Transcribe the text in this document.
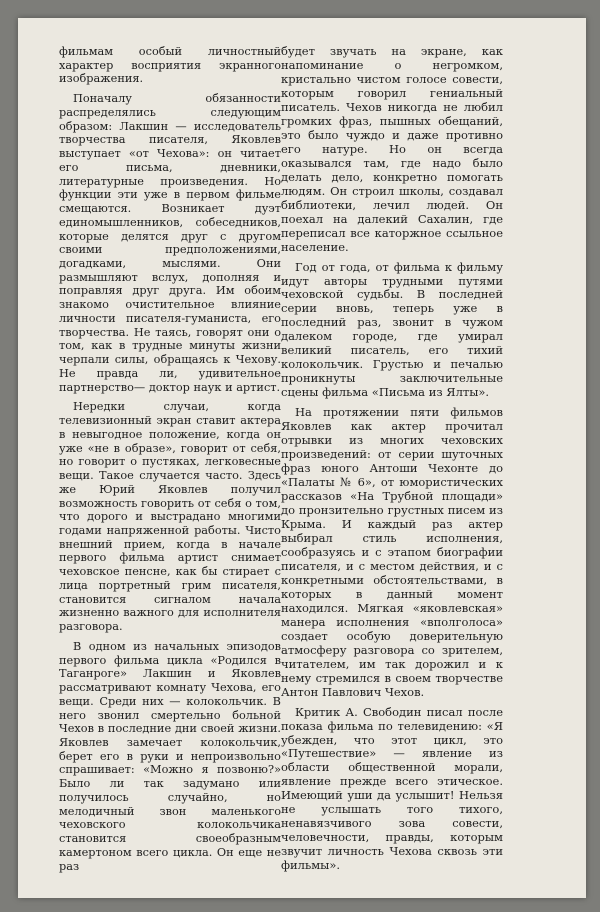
фильмам особый личностный характер восприятия экранного изображения.

Поначалу обязанности распределялись следующим образом: Лакшин — исследователь творчества писателя, Яковлев выступает «от Чехова»: он читает его письма, дневники, литературные произведения. Но функции эти уже в первом фильме смещаются. Возникает дуэт единомышленников, собеседников, которые делятся друг с другом своими предположениями, догадками, мыслями. Они размышляют вслух, дополняя и поправляя друг друга. Им обоим знакомо очистительное влияние личности писателя-гуманиста, его творчества. Не таясь, говорят они о том, как в трудные минуты жизни черпали силы, обращаясь к Чехову. Не правда ли, удивительное партнерство— доктор наук и артист.

Нередки случаи, когда телевизионный экран ставит актера в невыгодное положение, когда он уже «не в образе», говорит от себя, но говорит о пустяках, легковесные вещи. Такое случается часто. Здесь же Юрий Яковлев получил возможность говорить от себя о том, что дорого и выстрадано многими годами напряженной работы. Чисто внешний прием, когда в начале первого фильма артист снимает чеховское пенсне, как бы стирает с лица портретный грим писателя, становится сигналом начала жизненно важного для исполнителя разговора.

В одном из начальных эпизодов первого фильма цикла «Родился в Таганроге» Лакшин и Яковлев рассматривают комнату Чехова, его вещи. Среди них — колокольчик. В него звонил смертельно больной Чехов в последние дни своей жизни. Яковлев замечает колокольчик, берет его в руки и непроизвольно спрашивает: «Можно я позвоню?» Было ли так задумано или получилось случайно, но мелодичный звон маленького чеховского колокольчика становится своеобразным камертоном всего цикла. Он еще не раз

будет звучать на экране, как напоминание о негромком, кристально чистом голосе совести, которым говорил гениальный писатель. Чехов никогда не любил громких фраз, пышных обещаний, это было чуждо и даже противно его натуре. Но он всегда оказывался там, где надо было делать дело, конкретно помогать людям. Он строил школы, создавал библиотеки, лечил людей. Он поехал на далекий Сахалин, где переписал все каторжное ссыльное население.

Год от года, от фильма к фильму идут авторы трудными путями чеховской судьбы. В последней серии вновь, теперь уже в последний раз, звонит в чужом далеком городе, где умирал великий писатель, его тихий колокольчик. Грустью и печалью проникнуты заключительные сцены фильма «Письма из Ялты».

На протяжении пяти фильмов Яковлев как актер прочитал отрывки из многих чеховских произведений: от серии шуточных фраз юного Антоши Чехонте до «Палаты № 6», от юмористических рассказов «На Трубной площади» до пронзительно грустных писем из Крыма. И каждый раз актер выбирал стиль исполнения, сообразуясь и с этапом биографии писателя, и с местом действия, и с конкретными обстоятельствами, в которых в данный момент находился. Мягкая «яковлевская» манера исполнения «вполголоса» создает особую доверительную атмосферу разговора со зрителем, читателем, им так дорожил и к нему стремился в своем творчестве Антон Павлович Чехов.

Критик А. Свободин писал после показа фильма по телевидению: «Я убежден, что этот цикл, это «Путешествие» — явление из области общественной морали, явление прежде всего этическое. Имеющий уши да услышит! Нельзя не услышать того тихого, ненавязчивого зова совести, человечности, правды, которым звучит личность Чехова сквозь эти фильмы».
